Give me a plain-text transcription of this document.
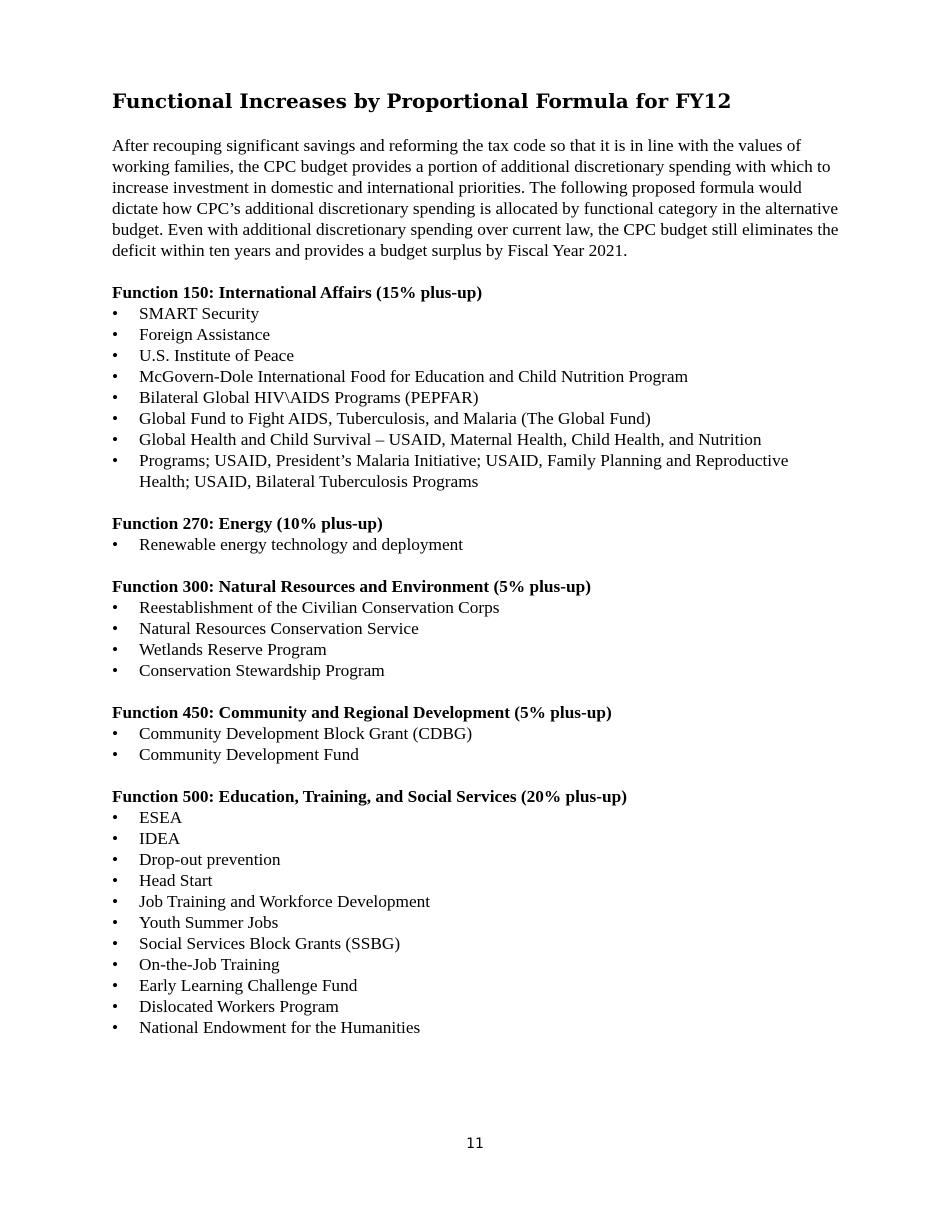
Functional Increases by Proportional Formula for FY12

After recouping significant savings and reforming the tax code so that it is in line with the values of working families, the CPC budget provides a portion of additional discretionary spending with which to increase investment in domestic and international priorities. The following proposed formula would dictate how CPC’s additional discretionary spending is allocated by functional category in the alternative budget. Even with additional discretionary spending over current law, the CPC budget still eliminates the deficit within ten years and provides a budget surplus by Fiscal Year 2021.

Function 150: International Affairs (15% plus-up)
• SMART Security
• Foreign Assistance
• U.S. Institute of Peace
• McGovern-Dole International Food for Education and Child Nutrition Program
• Bilateral Global HIV\AIDS Programs (PEPFAR)
• Global Fund to Fight AIDS, Tuberculosis, and Malaria (The Global Fund)
• Global Health and Child Survival – USAID, Maternal Health, Child Health, and Nutrition
• Programs; USAID, President’s Malaria Initiative; USAID, Family Planning and Reproductive Health; USAID, Bilateral Tuberculosis Programs
Function 270: Energy (10% plus-up)
• Renewable energy technology and deployment
Function 300: Natural Resources and Environment (5% plus-up)
• Reestablishment of the Civilian Conservation Corps
• Natural Resources Conservation Service
• Wetlands Reserve Program
• Conservation Stewardship Program
Function 450: Community and Regional Development (5% plus-up)
• Community Development Block Grant (CDBG)
• Community Development Fund
Function 500: Education, Training, and Social Services (20% plus-up)
• ESEA
• IDEA
• Drop-out prevention
• Head Start
• Job Training and Workforce Development
• Youth Summer Jobs
• Social Services Block Grants (SSBG)
• On-the-Job Training
• Early Learning Challenge Fund
• Dislocated Workers Program
• National Endowment for the Humanities
11
